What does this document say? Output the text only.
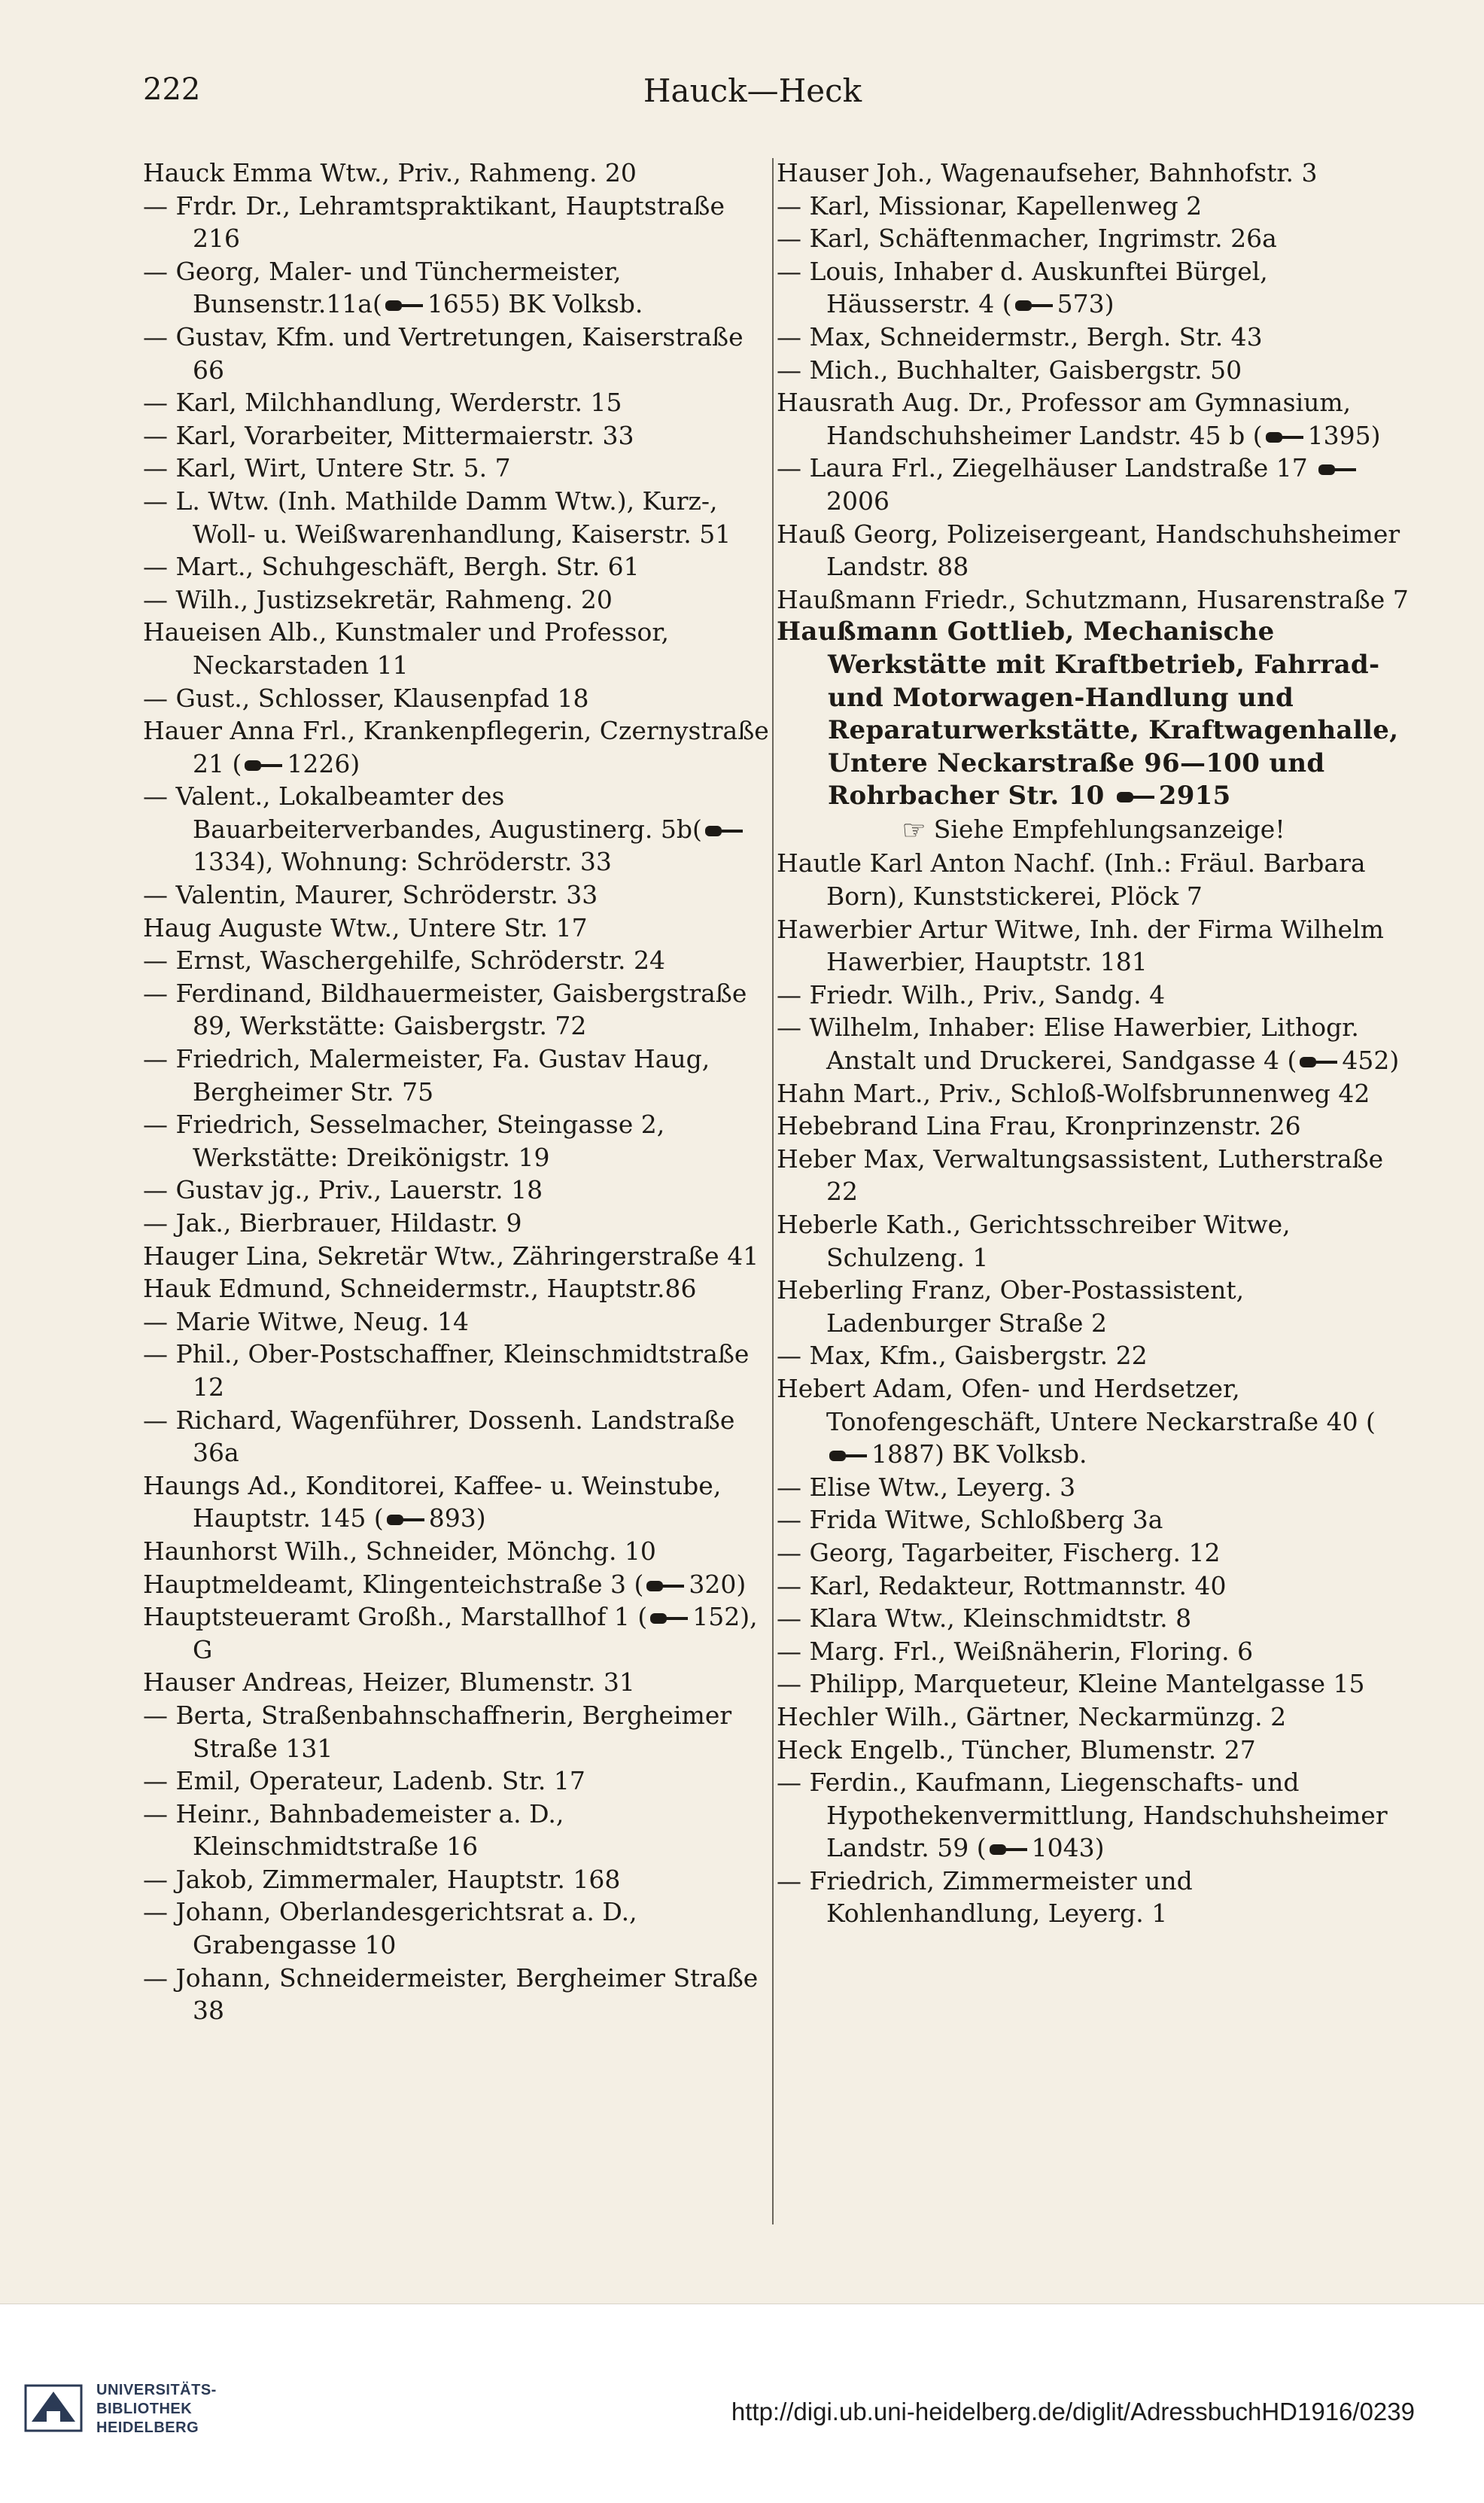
222	Hauck—Heck

Hauck Emma Wtw., Priv., Rahmeng. 20

— Frdr. Dr., Lehramtspraktikant, Hauptstraße 216

— Georg, Maler- und Tünchermeister, Bunsenstr.11a( 1655) BK Volksb.

— Gustav, Kfm. und Vertretungen, Kaiserstraße 66

— Karl, Milchhandlung, Werderstr. 15

— Karl, Vorarbeiter, Mittermaierstr. 33

— Karl, Wirt, Untere Str. 5. 7

— L. Wtw. (Inh. Mathilde Damm Wtw.), Kurz-, Woll- u. Weißwarenhandlung, Kaiserstr. 51

— Mart., Schuhgeschäft, Bergh. Str. 61

— Wilh., Justizsekretär, Rahmeng. 20

Haueisen Alb., Kunstmaler und Professor, Neckarstaden 11

— Gust., Schlosser, Klausenpfad 18

Hauer Anna Frl., Krankenpflegerin, Czernystraße 21 ( 1226)

— Valent., Lokalbeamter des Bauarbeiterverbandes, Augustinerg. 5b(1334), Wohnung: Schröderstr. 33

— Valentin, Maurer, Schröderstr. 33

Haug Auguste Wtw., Untere Str. 17

— Ernst, Waschergehilfe, Schröderstr. 24

— Ferdinand, Bildhauermeister, Gaisbergstraße 89, Werkstätte: Gaisbergstr. 72

— Friedrich, Malermeister, Fa. Gustav Haug, Bergheimer Str. 75

— Friedrich, Sesselmacher, Steingasse 2, Werkstätte: Dreikönigstr. 19

— Gustav jg., Priv., Lauerstr. 18

— Jak., Bierbrauer, Hildastr. 9

Hauger Lina, Sekretär Wtw., Zähringerstraße 41

Hauk Edmund, Schneidermstr., Hauptstr.86

— Marie Witwe, Neug. 14

— Phil., Ober-Postschaffner, Kleinschmidtstraße 12

— Richard, Wagenführer, Dossenh. Landstraße 36a

Haungs Ad., Konditorei, Kaffee- u. Weinstube, Hauptstr. 145 ( 893)

Haunhorst Wilh., Schneider, Mönchg. 10

Hauptmeldeamt, Klingenteichstraße 3 ( 320)

Hauptsteueramt Großh., Marstallhof 1 ( 152), G

Hauser Andreas, Heizer, Blumenstr. 31

— Berta, Straßenbahnschaffnerin, Bergheimer Straße 131

— Emil, Operateur, Ladenb. Str. 17

— Heinr., Bahnbademeister a. D., Kleinschmidtstraße 16

— Jakob, Zimmermaler, Hauptstr. 168

— Johann, Oberlandesgerichtsrat a. D., Grabengasse 10

— Johann, Schneidermeister, Bergheimer Straße 38

Hauser Joh., Wagenaufseher, Bahnhofstr. 3

— Karl, Missionar, Kapellenweg 2

— Karl, Schäftenmacher, Ingrimstr. 26a

— Louis, Inhaber d. Auskunftei Bürgel, Häusserstr. 4 ( 573)

— Max, Schneidermstr., Bergh. Str. 43

— Mich., Buchhalter, Gaisbergstr. 50

Hausrath Aug. Dr., Professor am Gymnasium, Handschuhsheimer Landstr. 45 b ( 1395)

— Laura Frl., Ziegelhäuser Landstraße 17 2006

Hauß Georg, Polizeisergeant, Handschuhsheimer Landstr. 88

Haußmann Friedr., Schutzmann, Husarenstraße 7

Haußmann Gottlieb, Mechanische Werkstätte mit Kraftbetrieb, Fahrrad- und Motorwagen-Handlung und Reparaturwerkstätte, Kraftwagenhalle, Untere Neckarstraße 96—100 und Rohrbacher Str. 10 2915

☞ Siehe Empfehlungsanzeige!

Hautle Karl Anton Nachf. (Inh.: Fräul. Barbara Born), Kunststickerei, Plöck 7

Hawerbier Artur Witwe, Inh. der Firma Wilhelm Hawerbier, Hauptstr. 181

— Friedr. Wilh., Priv., Sandg. 4

— Wilhelm, Inhaber: Elise Hawerbier, Lithogr. Anstalt und Druckerei, Sandgasse 4 ( 452)

Hahn Mart., Priv., Schloß-Wolfsbrunnenweg 42

Hebebrand Lina Frau, Kronprinzenstr. 26

Heber Max, Verwaltungsassistent, Lutherstraße 22

Heberle Kath., Gerichtsschreiber Witwe, Schulzeng. 1

Heberling Franz, Ober-Postassistent, Ladenburger Straße 2

— Max, Kfm., Gaisbergstr. 22

Hebert Adam, Ofen- und Herdsetzer, Tonofengeschäft, Untere Neckarstraße 40 (1887) BK Volksb.

— Elise Wtw., Leyerg. 3

— Frida Witwe, Schloßberg 3a

— Georg, Tagarbeiter, Fischerg. 12

— Karl, Redakteur, Rottmannstr. 40

— Klara Wtw., Kleinschmidtstr. 8

— Marg. Frl., Weißnäherin, Floring. 6

— Philipp, Marqueteur, Kleine Mantelgasse 15

Hechler Wilh., Gärtner, Neckarmünzg. 2

Heck Engelb., Tüncher, Blumenstr. 27

— Ferdin., Kaufmann, Liegenschafts- und Hypothekenvermittlung, Handschuhsheimer Landstr. 59 ( 1043)

— Friedrich, Zimmermeister und Kohlenhandlung, Leyerg. 1

UNIVERSITÄTS-
BIBLIOTHEK
HEIDELBERG
http://digi.ub.uni-heidelberg.de/diglit/AdressbuchHD1916/0239
